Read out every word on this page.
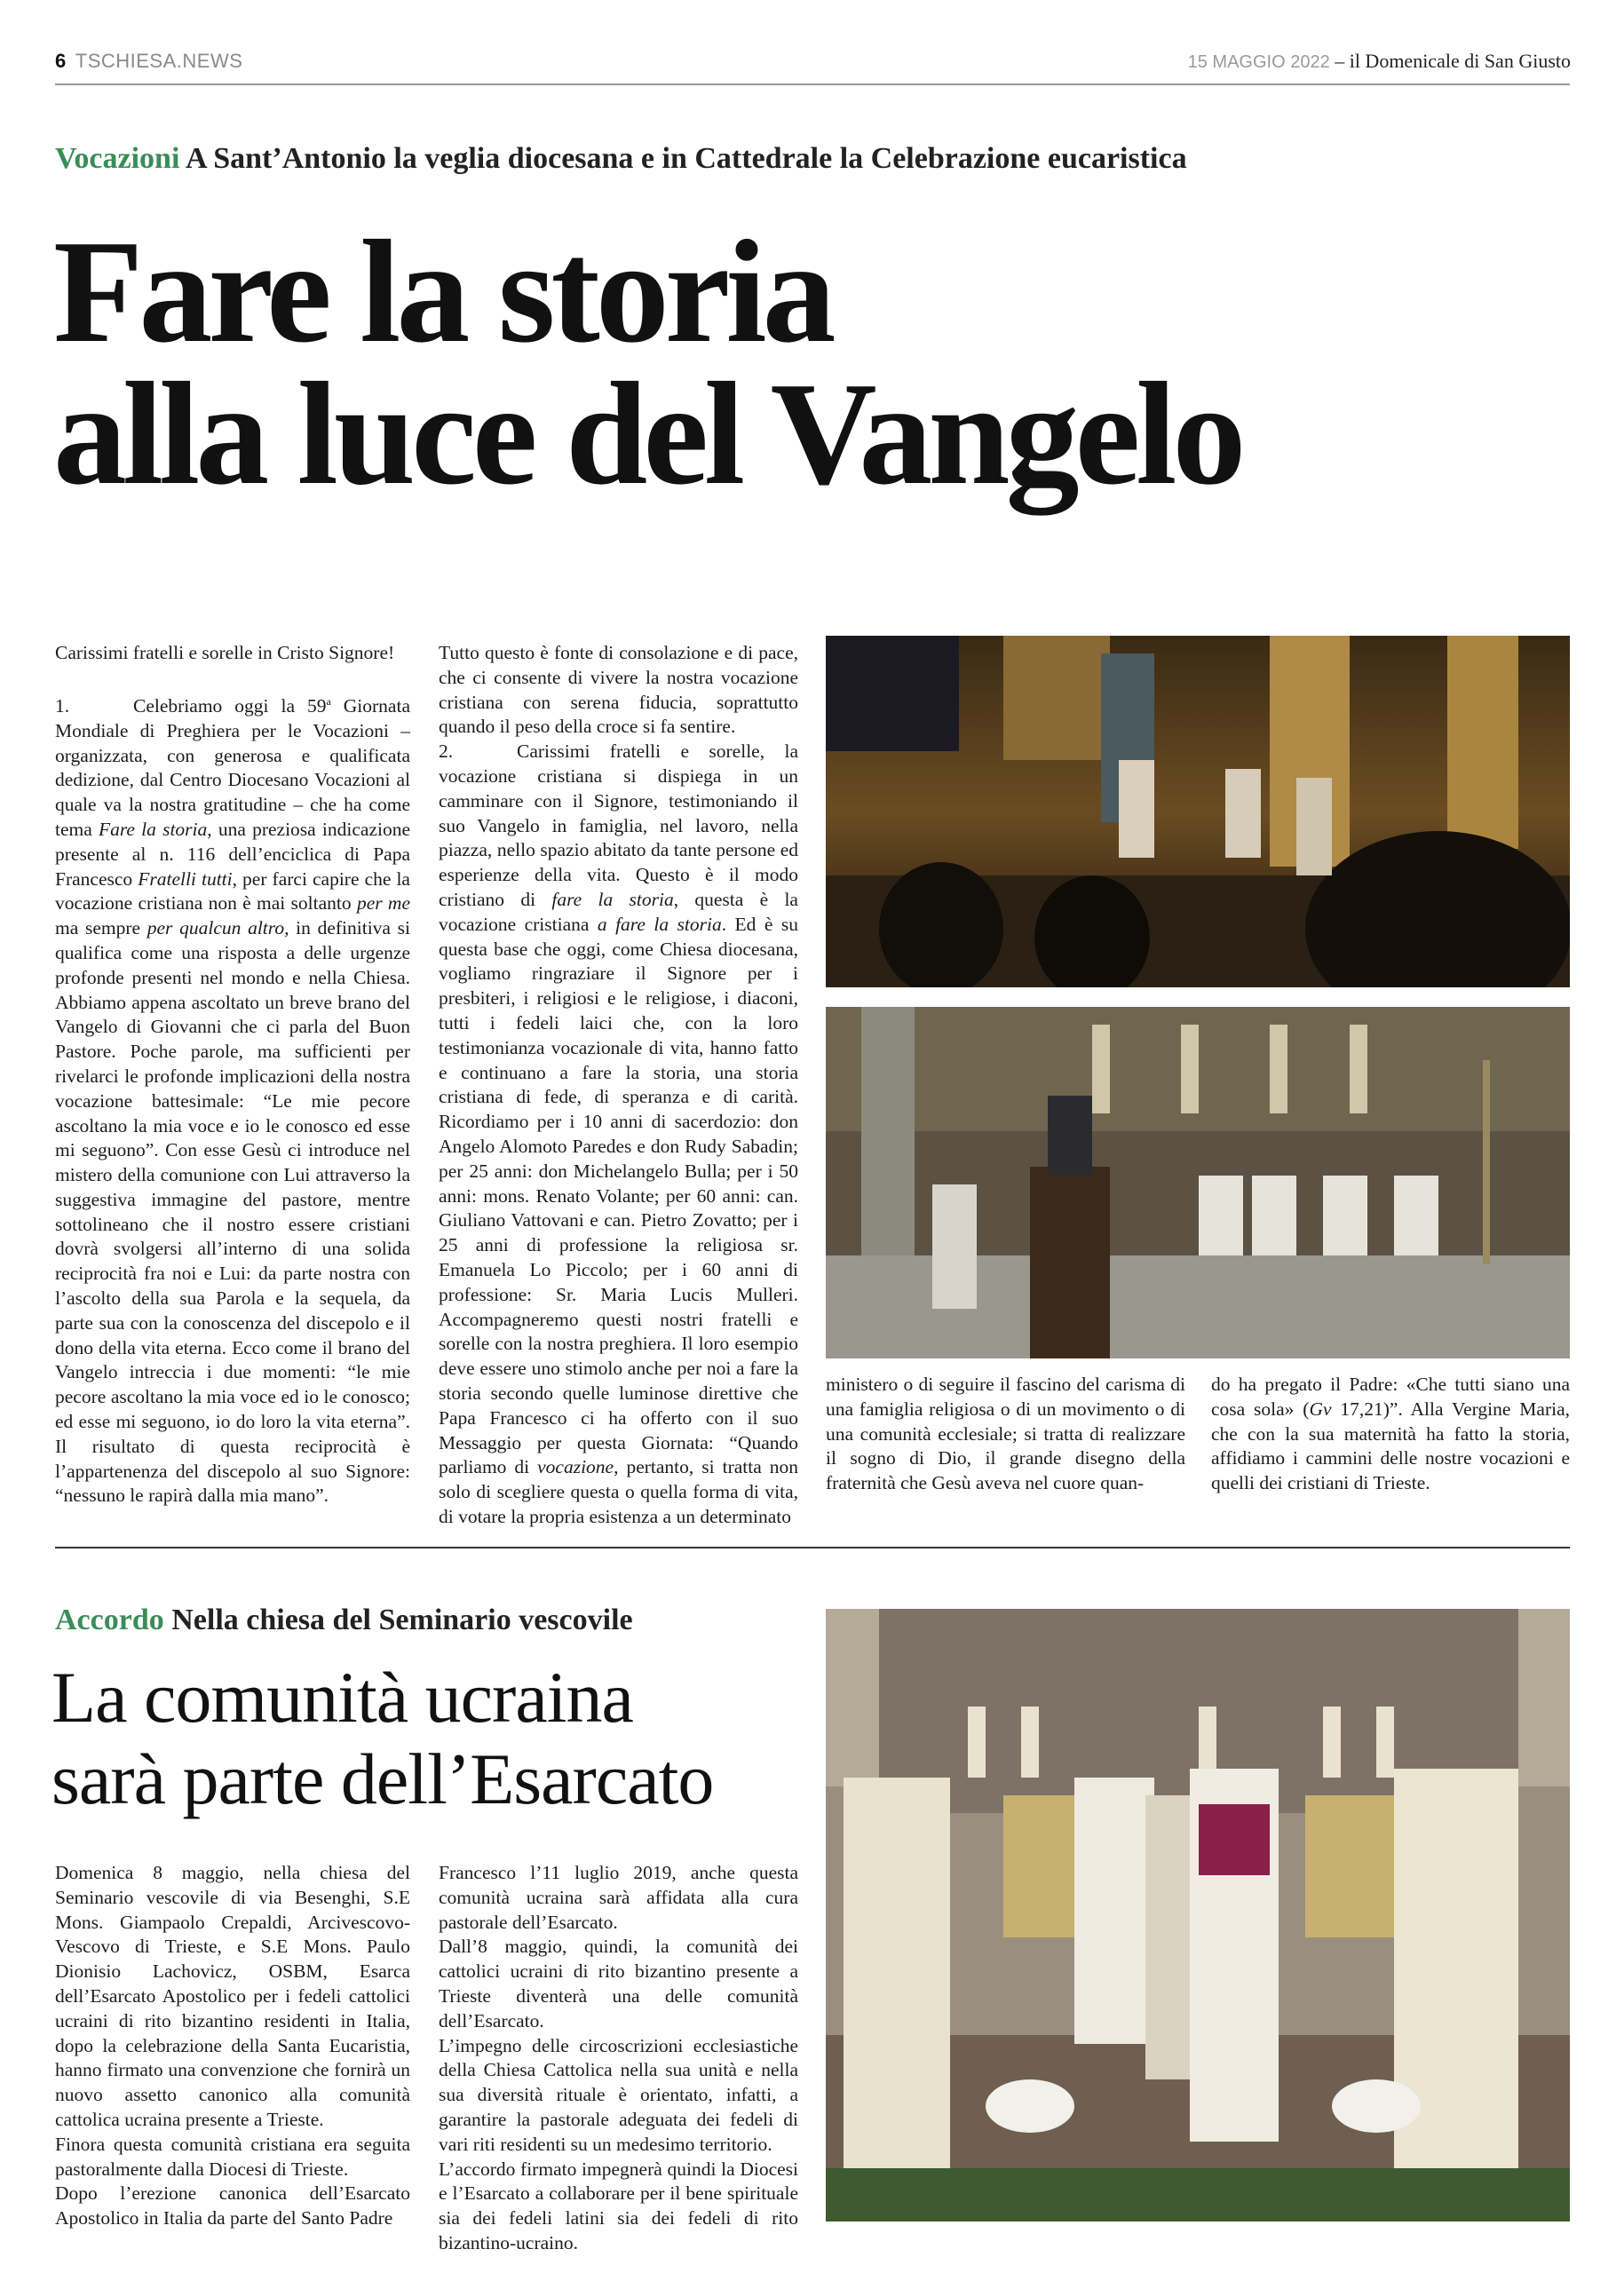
6 TSCHIESA.NEWS	15 MAGGIO 2022 – il Domenicale di San Giusto
Vocazioni A Sant’Antonio la veglia diocesana e in Cattedrale la Celebrazione eucaristica
Fare la storia
alla luce del Vangelo

Carissimi fratelli e sorelle in Cristo Signore!

1.	Celebriamo oggi la 59$^a$ Giornata Mondiale di Preghiera per le Vocazioni – organizzata, con generosa e qualificata dedizione, dal Centro Diocesano Vocazioni al quale va la nostra gratitudine – che ha come tema Fare la storia, una preziosa indicazione presente al n. 116 dell’enciclica di Papa Francesco Fratelli tutti, per farci capire che la vocazione cristiana non è mai soltanto per me ma sempre per qualcun altro, in definitiva si qualifica come una risposta a delle urgenze profonde presenti nel mondo e nella Chiesa. Abbiamo appena ascoltato un breve brano del Vangelo di Giovanni che ci parla del Buon Pastore. Poche parole, ma sufficienti per rivelarci le profonde implicazioni della nostra vocazione battesimale: “Le mie pecore ascoltano la mia voce e io le conosco ed esse mi seguono”. Con esse Gesù ci introduce nel mistero della comunione con Lui attraverso la suggestiva immagine del pastore, mentre sottolineano che il nostro essere cristiani dovrà svolgersi all’interno di una solida reciprocità fra noi e Lui: da parte nostra con l’ascolto della sua Parola e la sequela, da parte sua con la conoscenza del discepolo e il dono della vita eterna. Ecco come il brano del Vangelo intreccia i due momenti: “le mie pecore ascoltano la mia voce ed io le conosco; ed esse mi seguono, io do loro la vita eterna”. Il risultato di questa reciprocità è l’appartenenza del discepolo al suo Signore: “nessuno le rapirà dalla mia mano”.

Tutto questo è fonte di consolazione e di pace, che ci consente di vivere la nostra vocazione cristiana con serena fiducia, soprattutto quando il peso della croce si fa sentire.

2.	Carissimi fratelli e sorelle, la vocazione cristiana si dispiega in un camminare con il Signore, testimoniando il suo Vangelo in famiglia, nel lavoro, nella piazza, nello spazio abitato da tante persone ed esperienze della vita. Questo è il modo cristiano di fare la storia, questa è la vocazione cristiana a fare la storia. Ed è su questa base che oggi, come Chiesa diocesana, vogliamo ringraziare il Signore per i presbiteri, i religiosi e le religiose, i diaconi, tutti i fedeli laici che, con la loro testimonianza vocazionale di vita, hanno fatto e continuano a fare la storia, una storia cristiana di fede, di speranza e di carità. Ricordiamo per i 10 anni di sacerdozio: don Angelo Alomoto Paredes e don Rudy Sabadin; per 25 anni: don Michelangelo Bulla; per i 50 anni: mons. Renato Volante; per 60 anni: can. Giuliano Vattovani e can. Pietro Zovatto; per i 25 anni di professione la religiosa sr. Emanuela Lo Piccolo; per i 60 anni di professione: Sr. Maria Lucis Mulleri. Accompagneremo questi nostri fratelli e sorelle con la nostra preghiera. Il loro esempio deve essere uno stimolo anche per noi a fare la storia secondo quelle luminose direttive che Papa Francesco ci ha offerto con il suo Messaggio per questa Giornata: “Quando parliamo di vocazione, pertanto, si tratta non solo di scegliere questa o quella forma di vita, di votare la propria esistenza a un determinato

ministero o di seguire il fascino del carisma di una famiglia religiosa o di un movimento o di una comunità ecclesiale; si tratta di realizzare il sogno di Dio, il grande disegno della fraternità che Gesù aveva nel cuore quan-

do ha pregato il Padre: «Che tutti siano una cosa sola» (Gv 17,21)”. Alla Vergine Maria, che con la sua maternità ha fatto la storia, affidiamo i cammini delle nostre vocazioni e quelli dei cristiani di Trieste.

Accordo Nella chiesa del Seminario vescovile
La comunità ucraina
sarà parte dell’Esarcato

Domenica 8 maggio, nella chiesa del Seminario vescovile di via Besenghi, S.E Mons. Giampaolo Crepaldi, Arcivescovo-Vescovo di Trieste, e S.E Mons. Paulo Dionisio Lachovicz, OSBM, Esarca dell’Esarcato Apostolico per i fedeli cattolici ucraini di rito bizantino residenti in Italia, dopo la celebrazione della Santa Eucaristia, hanno firmato una convenzione che fornirà un nuovo assetto canonico alla comunità cattolica ucraina presente a Trieste.

Finora questa comunità cristiana era seguita pastoralmente dalla Diocesi di Trieste.

Dopo l’erezione canonica dell’Esarcato Apostolico in Italia da parte del Santo Padre

Francesco l’11 luglio 2019, anche questa comunità ucraina sarà affidata alla cura pastorale dell’Esarcato.

Dall’8 maggio, quindi, la comunità dei cattolici ucraini di rito bizantino presente a Trieste diventerà una delle comunità dell’Esarcato.

L’impegno delle circoscrizioni ecclesiastiche della Chiesa Cattolica nella sua unità e nella sua diversità rituale è orientato, infatti, a garantire la pastorale adeguata dei fedeli di vari riti residenti su un medesimo territorio.

L’accordo firmato impegnerà quindi la Diocesi e l’Esarcato a collaborare per il bene spirituale sia dei fedeli latini sia dei fedeli di rito bizantino-ucraino.
